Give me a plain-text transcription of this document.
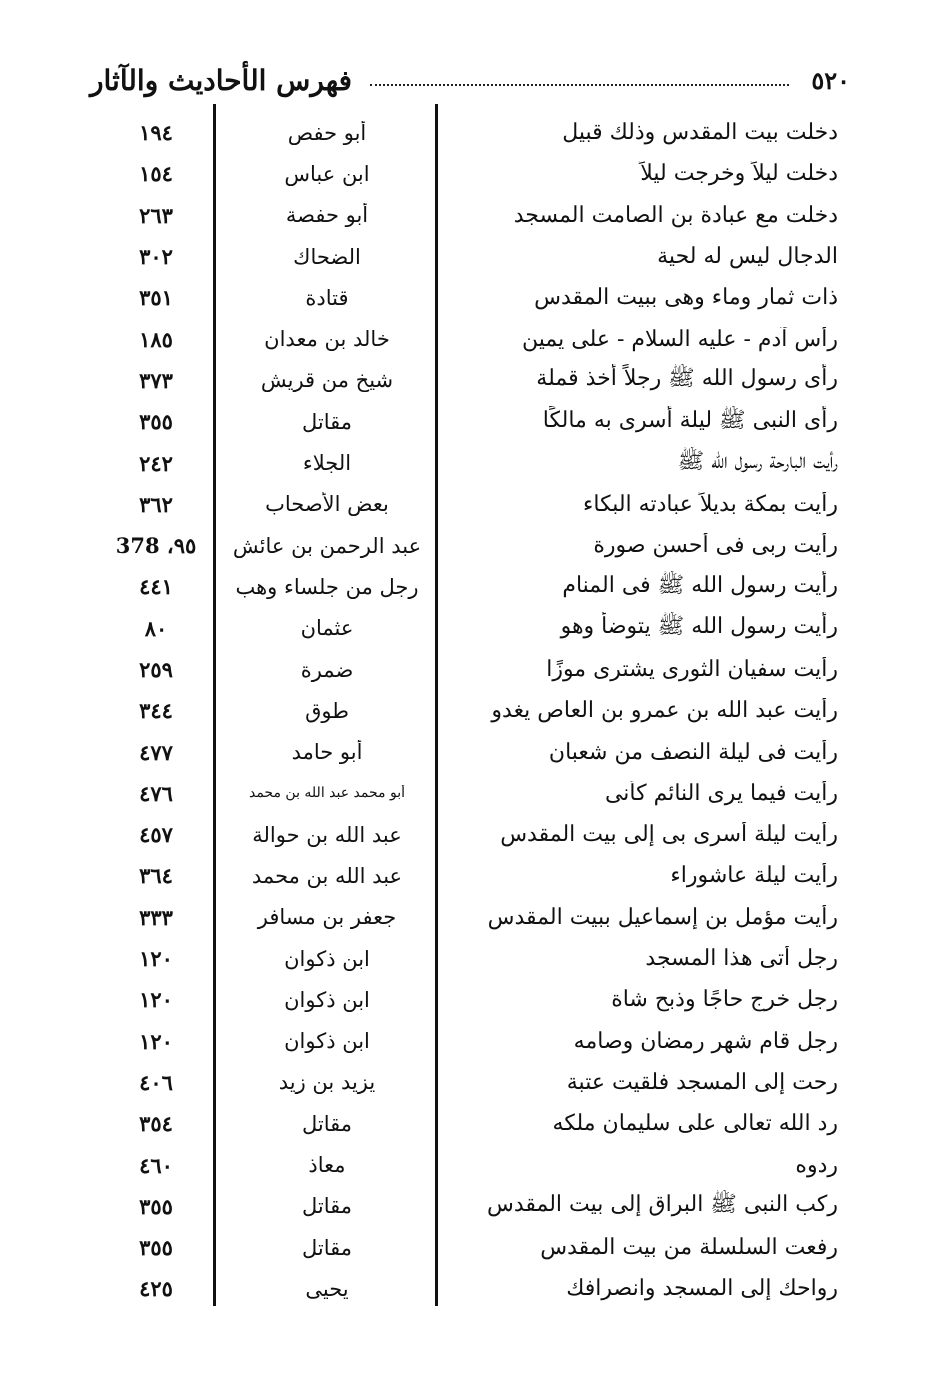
٥٢٠
فهرس الأحاديث والآثار
دخلت بيت المقدس وذلك قبيل
أبو حفص
١٩٤
دخلت ليلاً وخرجت ليلاً
ابن عباس
١٥٤
دخلت مع عبادة بن الصامت المسجد
أبو حفصة
٢٦٣
الدجال ليس له لحية
الضحاك
٣٠٢
ذات ثمار وماء وهى ببيت المقدس
قتادة
٣٥١
رأس آدم - عليه السلام - على يمين
خالد بن معدان
١٨٥
رأى رسول الله ﷺ رجلاً أخذ قملة
شيخ من قريش
٣٧٣
رأى النبى ﷺ ليلة أسرى به مالكًا
مقاتل
٣٥٥
رأيت البارحة رسول الله ﷺ
الجلاء
٢٤٢
رأيت بمكة بديلاً عبادته البكاء
بعض الأصحاب
٣٦٢
رأيت ربى فى أحسن صورة
عبد الرحمن بن عائش
٩٥، 378
رأيت رسول الله ﷺ فى المنام
رجل من جلساء وهب
٤٤١
رأيت رسول الله ﷺ يتوضأ وهو
عثمان
٨٠
رأيت سفيان الثورى يشترى موزًا
ضمرة
٢٥٩
رأيت عبد الله بن عمرو بن العاص يغدو
طوق
٣٤٤
رأيت فى ليلة النصف من شعبان
أبو حامد
٤٧٧
رأيت فيما يرى النائم كأنى
أبو محمد عبد الله بن محمد
٤٧٦
رأيت ليلة أسرى بى إلى بيت المقدس
عبد الله بن حوالة
٤٥٧
رأيت ليلة عاشوراء
عبد الله بن محمد
٣٦٤
رأيت مؤمل بن إسماعيل ببيت المقدس
جعفر بن مسافر
٣٣٣
رجل أتى هذا المسجد
ابن ذكوان
١٢٠
رجل خرج حاجًا وذبح شاة
ابن ذكوان
١٢٠
رجل قام شهر رمضان وصامه
ابن ذكوان
١٢٠
رحت إلى المسجد فلقيت عتبة
يزيد بن زيد
٤٠٦
رد الله تعالى على سليمان ملكه
مقاتل
٣٥٤
ردوه
معاذ
٤٦٠
ركب النبى ﷺ البراق إلى بيت المقدس
مقاتل
٣٥٥
رفعت السلسلة من بيت المقدس
مقاتل
٣٥٥
رواحك إلى المسجد وانصرافك
يحيى
٤٢٥
